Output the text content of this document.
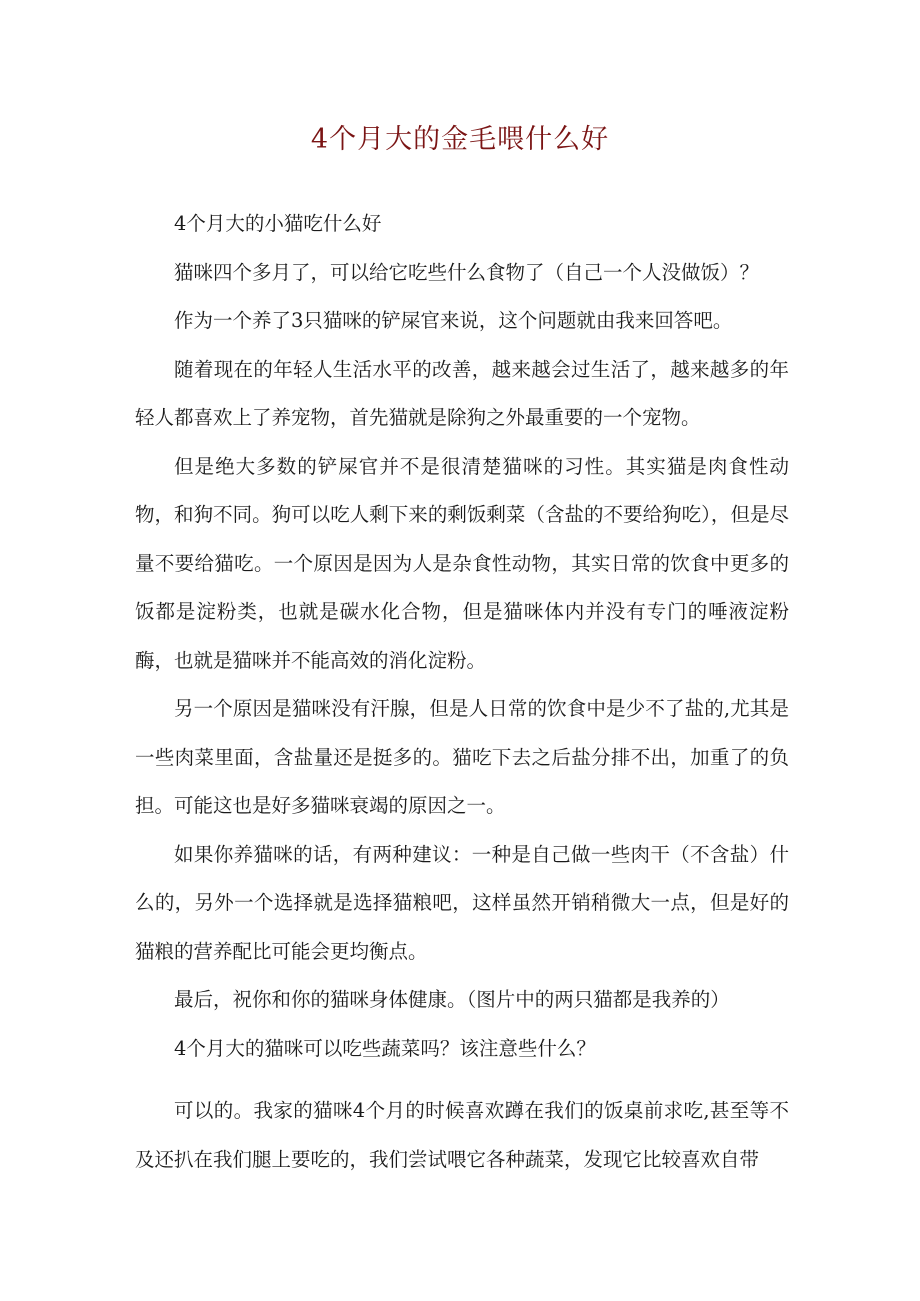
4个月大的金毛喂什么好

4个月大的小猫吃什么好

猫咪四个多月了，可以给它吃些什么食物了（自己一个人没做饭）？

作为一个养了3只猫咪的铲屎官来说，这个问题就由我来回答吧。

随着现在的年轻人生活水平的改善，越来越会过生活了，越来越多的年轻人都喜欢上了养宠物，首先猫就是除狗之外最重要的一个宠物。

但是绝大多数的铲屎官并不是很清楚猫咪的习性。其实猫是肉食性动物，和狗不同。狗可以吃人剩下来的剩饭剩菜（含盐的不要给狗吃），但是尽量不要给猫吃。一个原因是因为人是杂食性动物，其实日常的饮食中更多的饭都是淀粉类，也就是碳水化合物，但是猫咪体内并没有专门的唾液淀粉酶，也就是猫咪并不能高效的消化淀粉。

另一个原因是猫咪没有汗腺，但是人日常的饮食中是少不了盐的,尤其是一些肉菜里面，含盐量还是挺多的。猫吃下去之后盐分排不出，加重了的负担。可能这也是好多猫咪衰竭的原因之一。

如果你养猫咪的话，有两种建议：一种是自己做一些肉干（不含盐）什么的，另外一个选择就是选择猫粮吧，这样虽然开销稍微大一点，但是好的猫粮的营养配比可能会更均衡点。

最后，祝你和你的猫咪身体健康。（图片中的两只猫都是我养的）

4个月大的猫咪可以吃些蔬菜吗？该注意些什么？

可以的。我家的猫咪4个月的时候喜欢蹲在我们的饭桌前求吃,甚至等不及还扒在我们腿上要吃的，我们尝试喂它各种蔬菜，发现它比较喜欢自带
